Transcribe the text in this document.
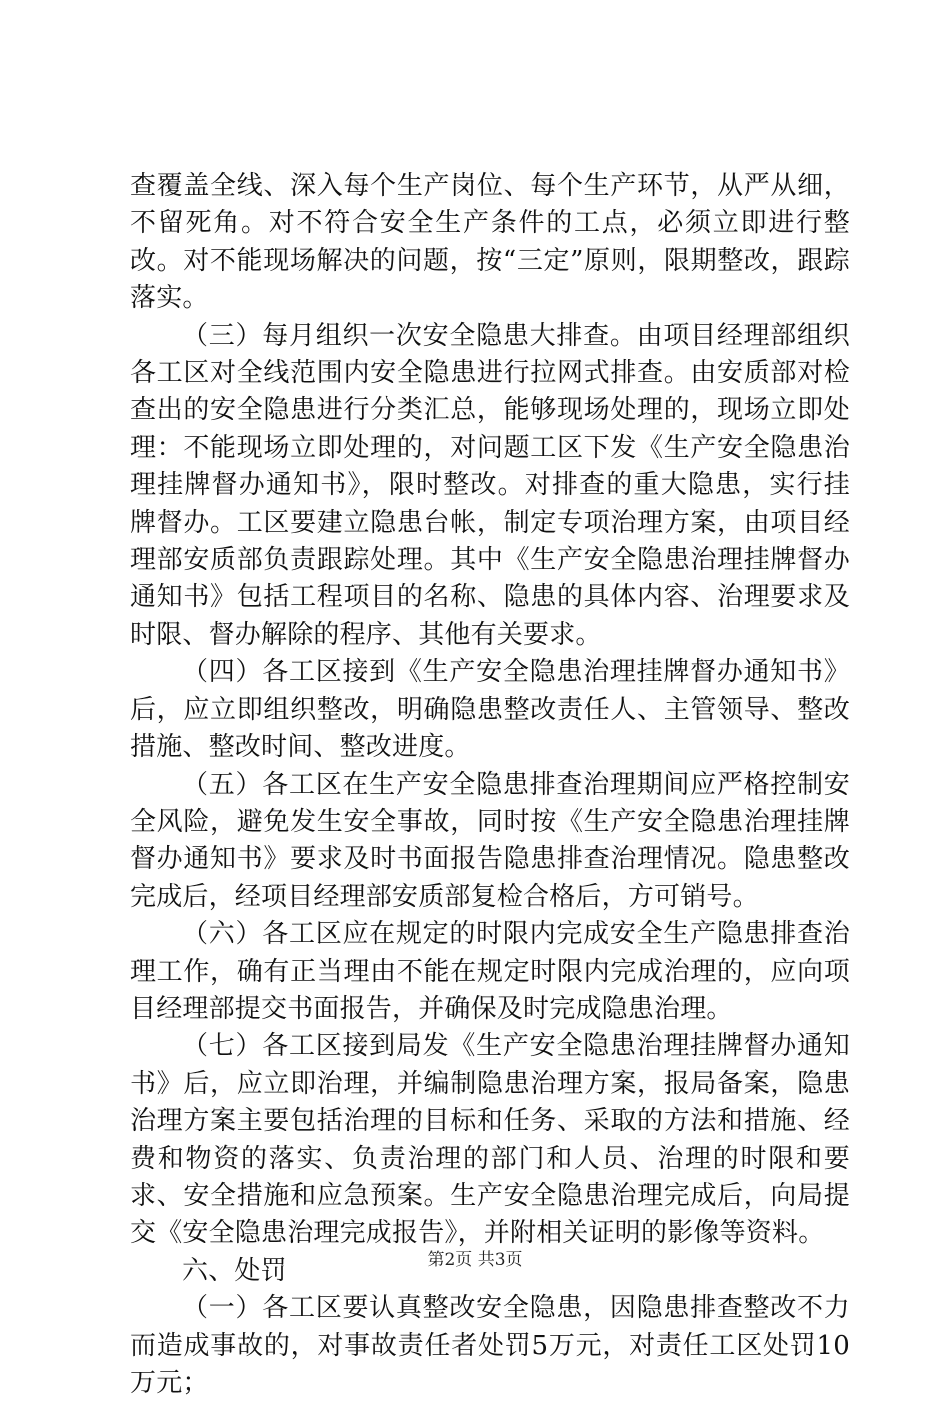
查覆盖全线、深入每个生产岗位、每个生产环节，从严从细，不留死角。对不符合安全生产条件的工点，必须立即进行整改。对不能现场解决的问题，按“三定”原则，限期整改，跟踪落实。

（三）每月组织一次安全隐患大排查。由项目经理部组织各工区对全线范围内安全隐患进行拉网式排查。由安质部对检查出的安全隐患进行分类汇总，能够现场处理的，现场立即处理：不能现场立即处理的，对问题工区下发《生产安全隐患治理挂牌督办通知书》，限时整改。对排查的重大隐患，实行挂牌督办。工区要建立隐患台帐，制定专项治理方案，由项目经理部安质部负责跟踪处理。其中《生产安全隐患治理挂牌督办通知书》包括工程项目的名称、隐患的具体内容、治理要求及时限、督办解除的程序、其他有关要求。

（四）各工区接到《生产安全隐患治理挂牌督办通知书》后，应立即组织整改，明确隐患整改责任人、主管领导、整改措施、整改时间、整改进度。

（五）各工区在生产安全隐患排查治理期间应严格控制安全风险，避免发生安全事故，同时按《生产安全隐患治理挂牌督办通知书》要求及时书面报告隐患排查治理情况。隐患整改完成后，经项目经理部安质部复检合格后，方可销号。

（六）各工区应在规定的时限内完成安全生产隐患排查治理工作，确有正当理由不能在规定时限内完成治理的，应向项目经理部提交书面报告，并确保及时完成隐患治理。

（七）各工区接到局发《生产安全隐患治理挂牌督办通知书》后，应立即治理，并编制隐患治理方案，报局备案，隐患治理方案主要包括治理的目标和任务、采取的方法和措施、经费和物资的落实、负责治理的部门和人员、治理的时限和要求、安全措施和应急预案。生产安全隐患治理完成后，向局提交《安全隐患治理完成报告》，并附相关证明的影像等资料。

六、处罚

（一）各工区要认真整改安全隐患，因隐患排查整改不力而造成事故的，对事故责任者处罚5万元，对责任工区处罚10万元；

第2页 共3页
